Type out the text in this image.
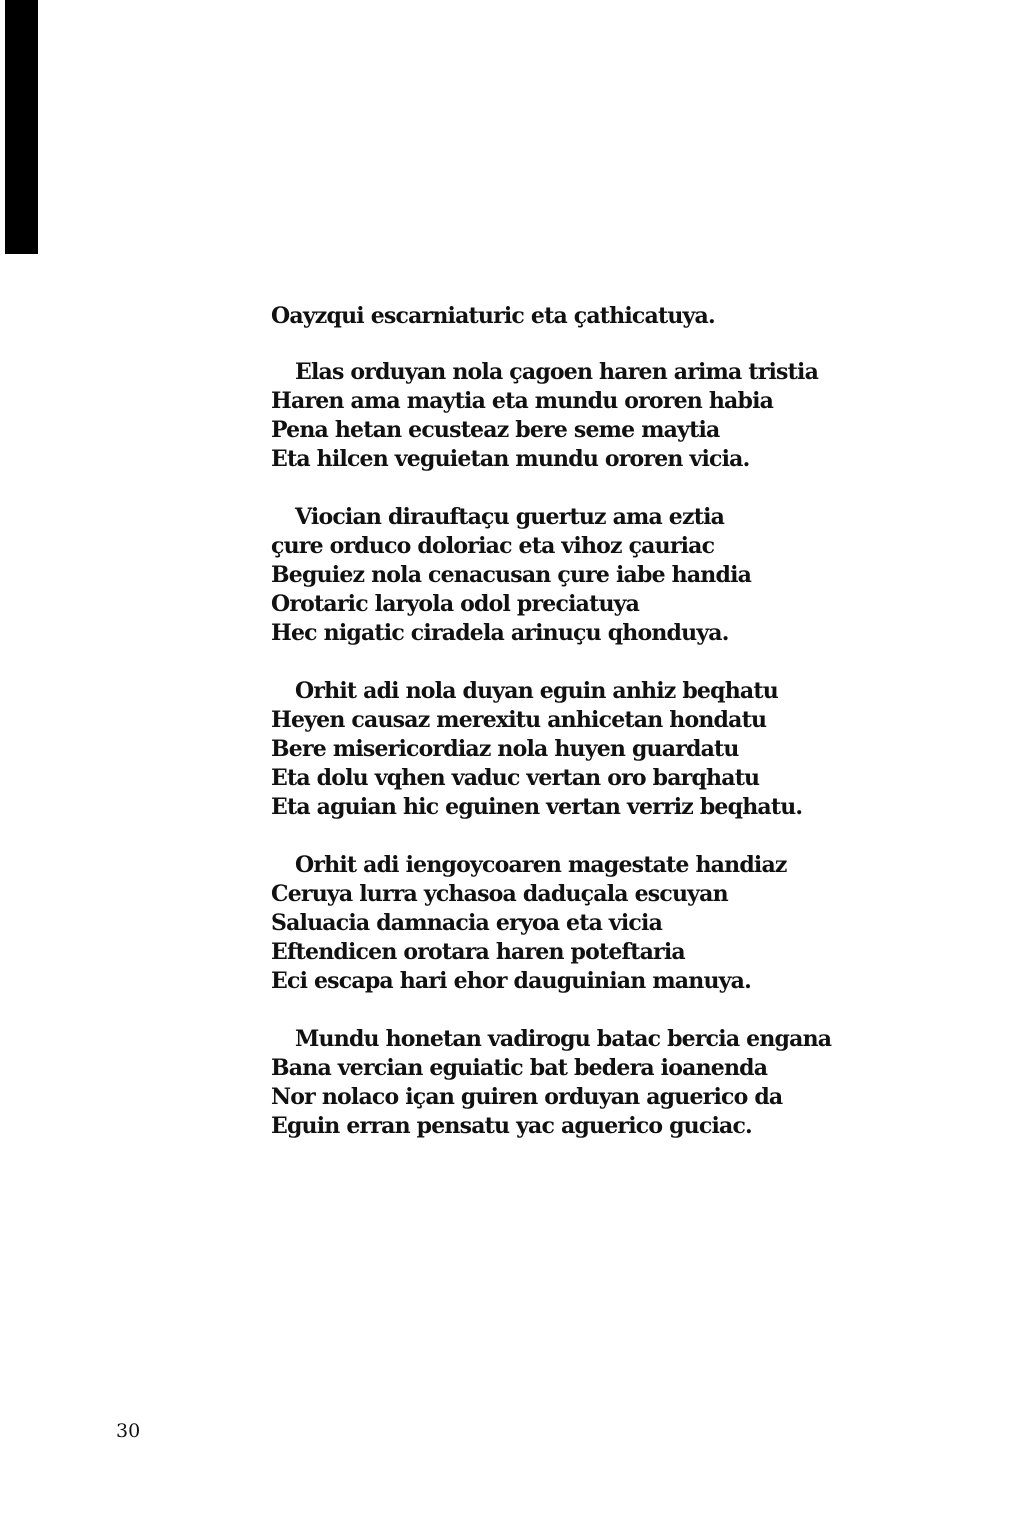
Oayzqui escarniaturic eta çathicatuya.
Elas orduyan nola çagoen haren arima tristia
Haren ama maytia eta mundu ororen habia
Pena hetan ecusteaz bere seme maytia
Eta hilcen veguietan mundu ororen vicia.
Viocian dirauftaçu guertuz ama eztia
çure orduco doloriac eta vihoz çauriac
Beguiez nola cenacusan çure iabe handia
Orotaric laryola odol preciatuya
Hec nigatic ciradela arinuçu qhonduya.
Orhit adi nola duyan eguin anhiz beqhatu
Heyen causaz merexitu anhicetan hondatu
Bere misericordiaz nola huyen guardatu
Eta dolu vqhen vaduc vertan oro barqhatu
Eta aguian hic eguinen vertan verriz beqhatu.
Orhit adi iengoycoaren magestate handiaz
Ceruya lurra ychasoa daduçala escuyan
Saluacia damnacia eryoa eta vicia
Eftendicen orotara haren poteftaria
Eci escapa hari ehor dauguinian manuya.
Mundu honetan vadirogu batac bercia engana
Bana vercian eguiatic bat bedera ioanenda
Nor nolaco içan guiren orduyan aguerico da
Eguin erran pensatu yac aguerico guciac.
30
